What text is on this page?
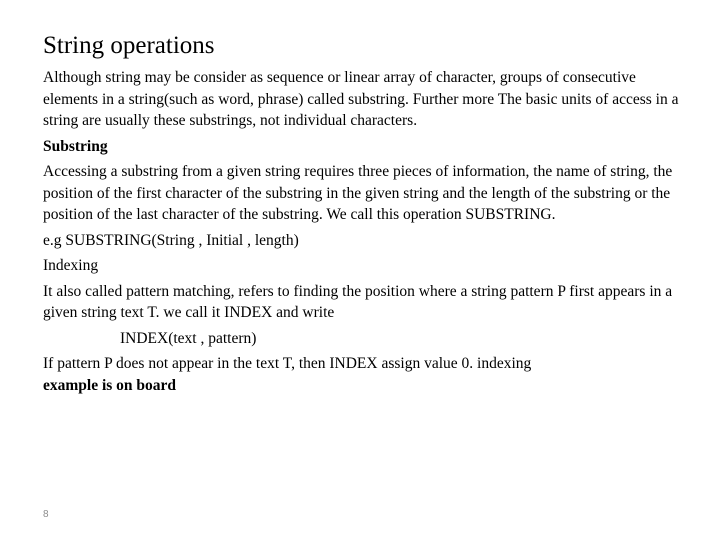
String operations

Although string may be consider as sequence or linear array of character, groups of consecutive elements in a string(such as word, phrase) called substring. Further more The basic units of access in a string are usually these substrings, not individual characters.

Substring

Accessing a substring from a given string requires three pieces of information, the name of string, the position of the first character of the substring in the given string and the length of the substring or the position of the last character of the substring. We call this operation SUBSTRING.

e.g SUBSTRING(String , Initial , length)

Indexing

It also called pattern matching, refers to finding the position where a string pattern P first appears in a given string text T. we call it INDEX and write

INDEX(text , pattern)

If pattern P does not appear in the text T, then INDEX assign value 0. indexing

example is on board

8
